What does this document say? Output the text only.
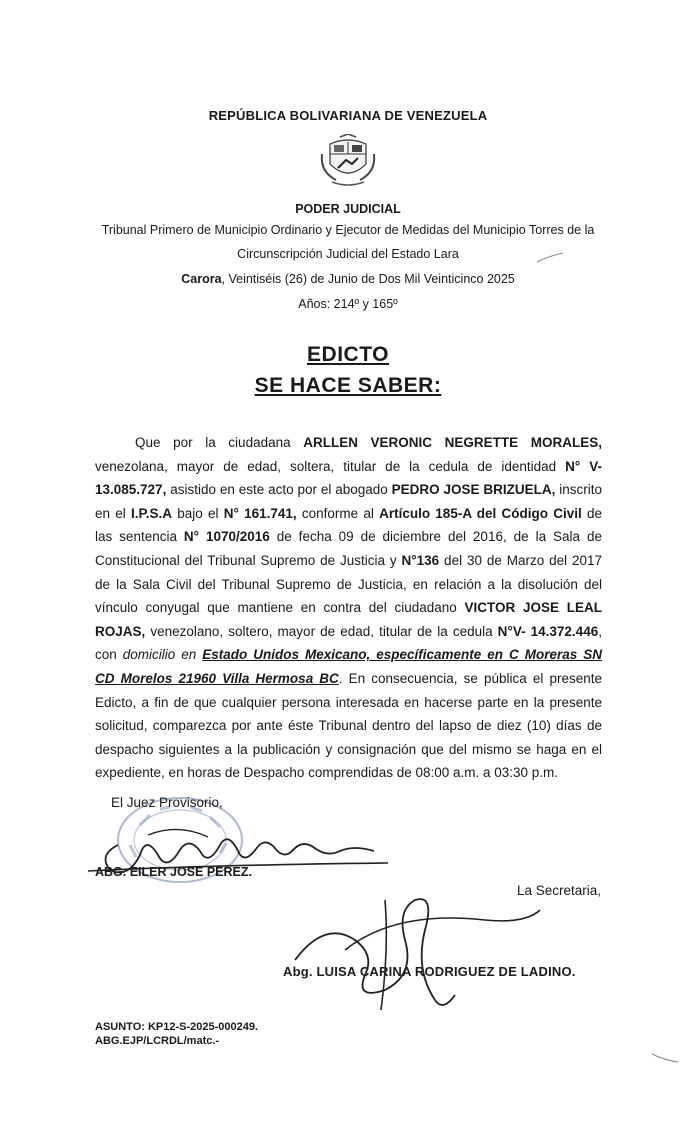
REPÚBLICA BOLIVARIANA DE VENEZUELA
PODER JUDICIAL
Tribunal Primero de Municipio Ordinario y Ejecutor de Medidas del Municipio Torres de la
Circunscripción Judicial del Estado Lara
Carora, Veintiséis (26) de Junio de Dos Mil Veinticinco 2025
Años: 214º y 165º
EDICTO
SE HACE SABER:
Que por la ciudadana ARLLEN VERONIC NEGRETTE MORALES, venezolana, mayor de edad, soltera, titular de la cedula de identidad N° V- 13.085.727, asistido en este acto por el abogado PEDRO JOSE BRIZUELA, inscrito en el I.P.S.A bajo el N° 161.741, conforme al Artículo 185-A del Código Civil de las sentencia N° 1070/2016 de fecha 09 de diciembre del 2016, de la Sala de Constitucional del Tribunal Supremo de Justicia y N°136 del 30 de Marzo del 2017 de la Sala Civil del Tribunal Supremo de Justicia, en relación a la disolución del vínculo conyugal que mantiene en contra del ciudadano VICTOR JOSE LEAL ROJAS, venezolano, soltero, mayor de edad, titular de la cedula N°V- 14.372.446, con domicilio en Estado Unidos Mexicano, específicamente en C Moreras SN CD Morelos 21960 Villa Hermosa BC. En consecuencia, se pública el presente Edicto, a fin de que cualquier persona interesada en hacerse parte en la presente solicitud, comparezca por ante éste Tribunal dentro del lapso de diez (10) días de despacho siguientes a la publicación y consignación que del mismo se haga en el expediente, en horas de Despacho comprendidas de 08:00 a.m. a 03:30 p.m.
El Juez Provisorio,
ABG. EILER JOSE PEREZ.
La Secretaria,
Abg. LUISA CARINA RODRIGUEZ DE LADINO.
ASUNTO: KP12-S-2025-000249.
ABG.EJP/LCRDL/matc.-
